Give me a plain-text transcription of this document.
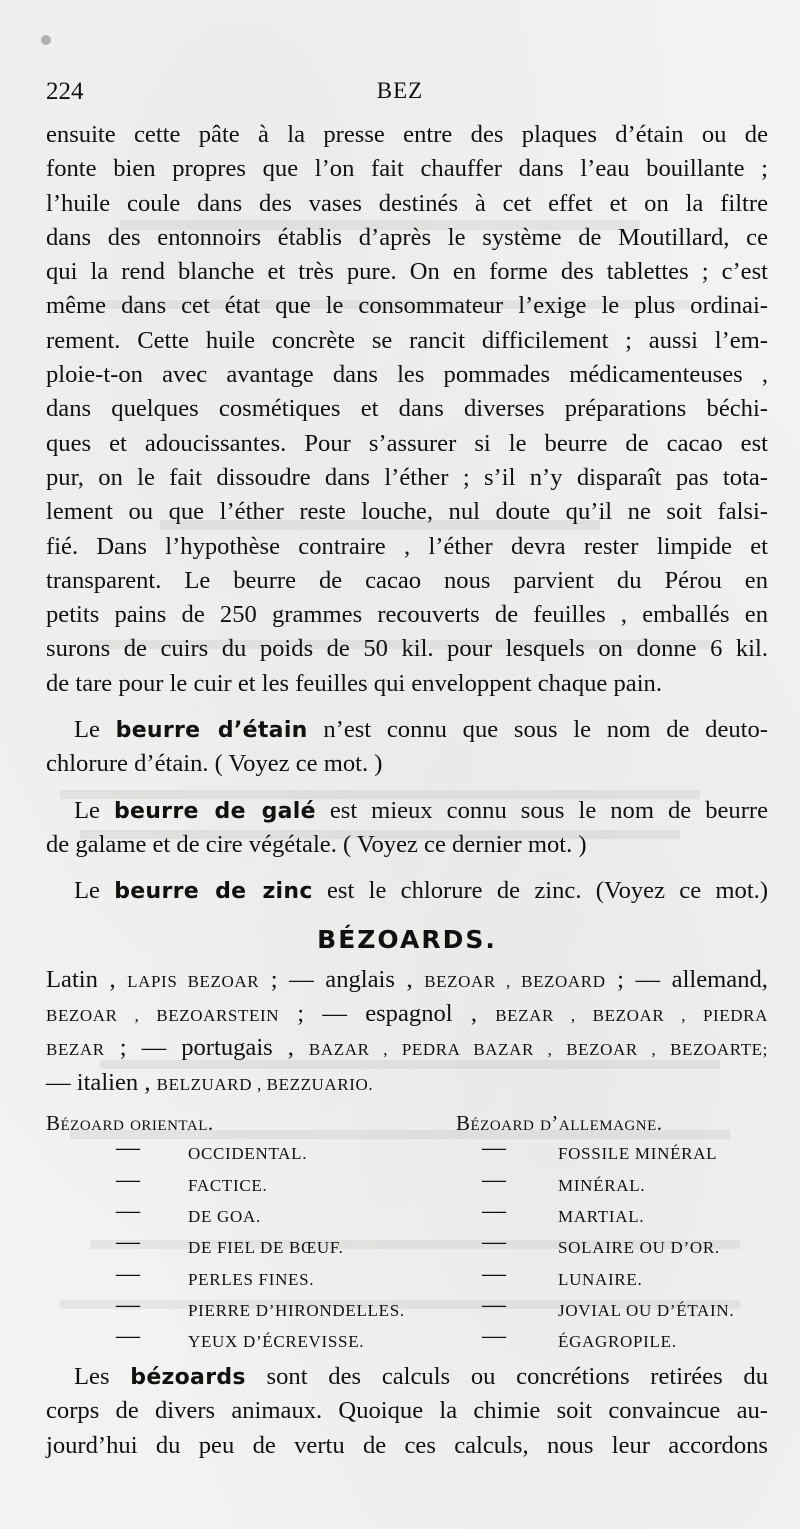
224	BEZ
ensuite cette pâte à la presse entre des plaques d’étain ou de
fonte bien propres que l’on fait chauffer dans l’eau bouillante ;
l’huile coule dans des vases destinés à cet effet et on la filtre
dans des entonnoirs établis d’après le système de Moutillard, ce
qui la rend blanche et très pure. On en forme des tablettes ; c’est
même dans cet état que le consommateur l’exige le plus ordinai-
rement. Cette huile concrète se rancit difficilement ; aussi l’em-
ploie-t-on avec avantage dans les pommades médicamenteuses ,
dans quelques cosmétiques et dans diverses préparations béchi-
ques et adoucissantes. Pour s’assurer si le beurre de cacao est
pur, on le fait dissoudre dans l’éther ; s’il n’y disparaît pas tota-
lement ou que l’éther reste louche, nul doute qu’il ne soit falsi-
fié. Dans l’hypothèse contraire , l’éther devra rester limpide et
transparent. Le beurre de cacao nous parvient du Pérou en
petits pains de 250 grammes recouverts de feuilles , emballés en
surons de cuirs du poids de 50 kil. pour lesquels on donne 6 kil.
de tare pour le cuir et les feuilles qui enveloppent chaque pain.
Le beurre d’étain n’est connu que sous le nom de deuto-
chlorure d’étain. ( Voyez ce mot. )
Le beurre de galé est mieux connu sous le nom de beurre
de galame et de cire végétale. ( Voyez ce dernier mot. )
Le beurre de zinc est le chlorure de zinc. (Voyez ce mot.)
BÉZOARDS.
Latin , LAPIS BEZOAR ; — anglais , BEZOAR , BEZOARD ; — allemand,
BEZOAR , BEZOARSTEIN ; — espagnol , BEZAR , BEZOAR , PIEDRA
BEZAR ; — portugais , BAZAR , PEDRA BAZAR , BEZOAR , BEZOARTE;
— italien , BELZUARD , BEZZUARIO.
Bézoard oriental.	Bézoard d’allemagne.
—	OCCIDENTAL.	—	FOSSILE MINÉRAL
—	FACTICE.	—	MINÉRAL.
—	DE GOA.	—	MARTIAL.
—	DE FIEL DE BŒUF.	—	SOLAIRE OU D’OR.
—	PERLES FINES.	—	LUNAIRE.
—	PIERRE D’HIRONDELLES.	—	JOVIAL OU D’ÉTAIN.
—	YEUX D’ÉCREVISSE.	—	ÉGAGROPILE.
Les bézoards sont des calculs ou concrétions retirées du
corps de divers animaux. Quoique la chimie soit convaincue au-
jourd’hui du peu de vertu de ces calculs, nous leur accordons
